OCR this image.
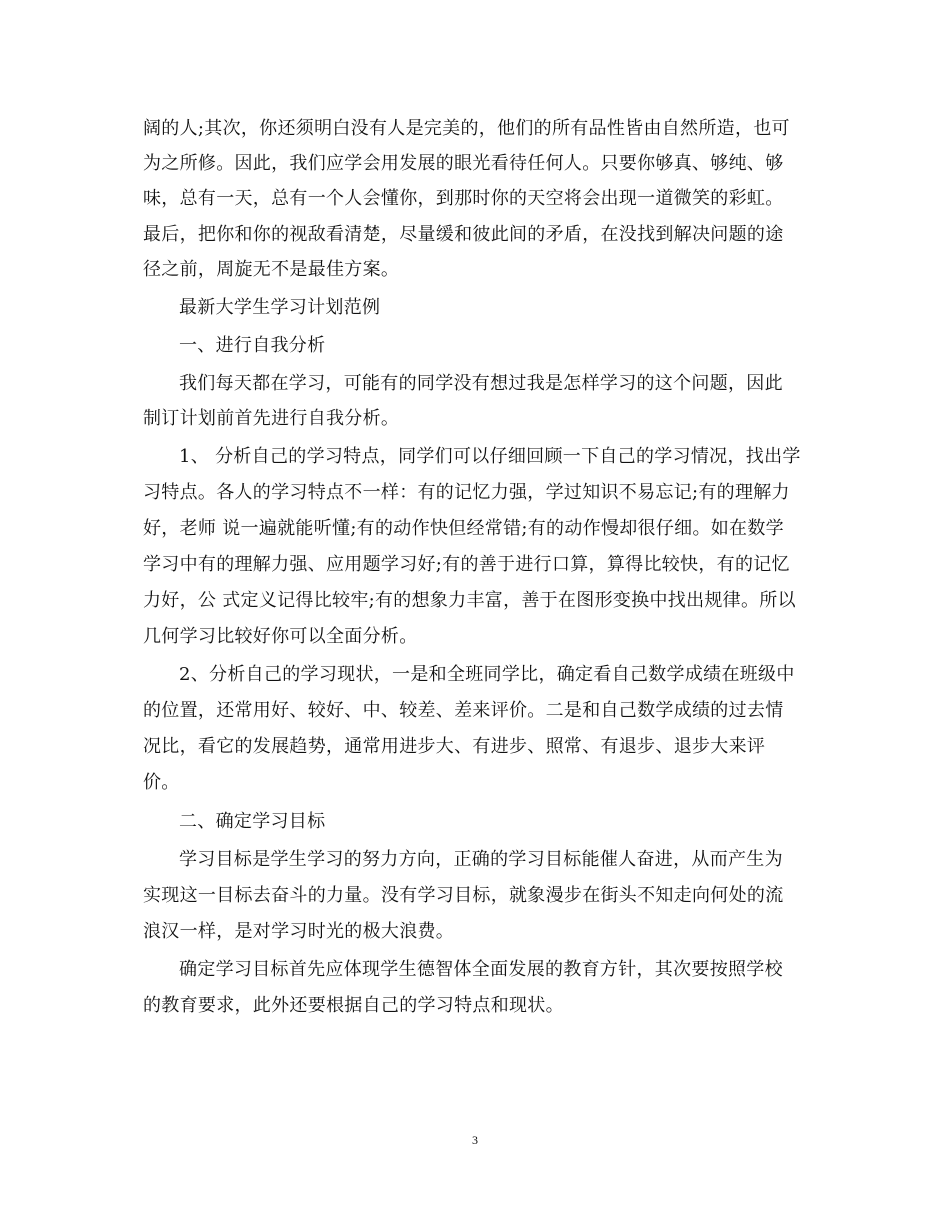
阔的人;其次，你还须明白没有人是完美的，他们的所有品性皆由自然所造，也可
为之所修。因此，我们应学会用发展的眼光看待任何人。只要你够真、够纯、够
味，总有一天，总有一个人会懂你，到那时你的天空将会出现一道微笑的彩虹。
最后，把你和你的视敌看清楚，尽量缓和彼此间的矛盾，在没找到解决问题的途
径之前，周旋无不是最佳方案。
最新大学生学习计划范例
一、进行自我分析
我们每天都在学习，可能有的同学没有想过我是怎样学习的这个问题，因此
制订计划前首先进行自我分析。
1、 分析自己的学习特点，同学们可以仔细回顾一下自己的学习情况，找出学
习特点。各人的学习特点不一样：有的记忆力强，学过知识不易忘记;有的理解力
好，老师 说一遍就能听懂;有的动作快但经常错;有的动作慢却很仔细。如在数学
学习中有的理解力强、应用题学习好;有的善于进行口算，算得比较快，有的记忆
力好，公 式定义记得比较牢;有的想象力丰富，善于在图形变换中找出规律。所以
几何学习比较好你可以全面分析。
2、分析自己的学习现状，一是和全班同学比，确定看自己数学成绩在班级中
的位置，还常用好、较好、中、较差、差来评价。二是和自己数学成绩的过去情
况比，看它的发展趋势，通常用进步大、有进步、照常、有退步、退步大来评
价。
二、确定学习目标
学习目标是学生学习的努力方向，正确的学习目标能催人奋进，从而产生为
实现这一目标去奋斗的力量。没有学习目标，就象漫步在街头不知走向何处的流
浪汉一样，是对学习时光的极大浪费。
确定学习目标首先应体现学生德智体全面发展的教育方针，其次要按照学校
的教育要求，此外还要根据自己的学习特点和现状。
3
